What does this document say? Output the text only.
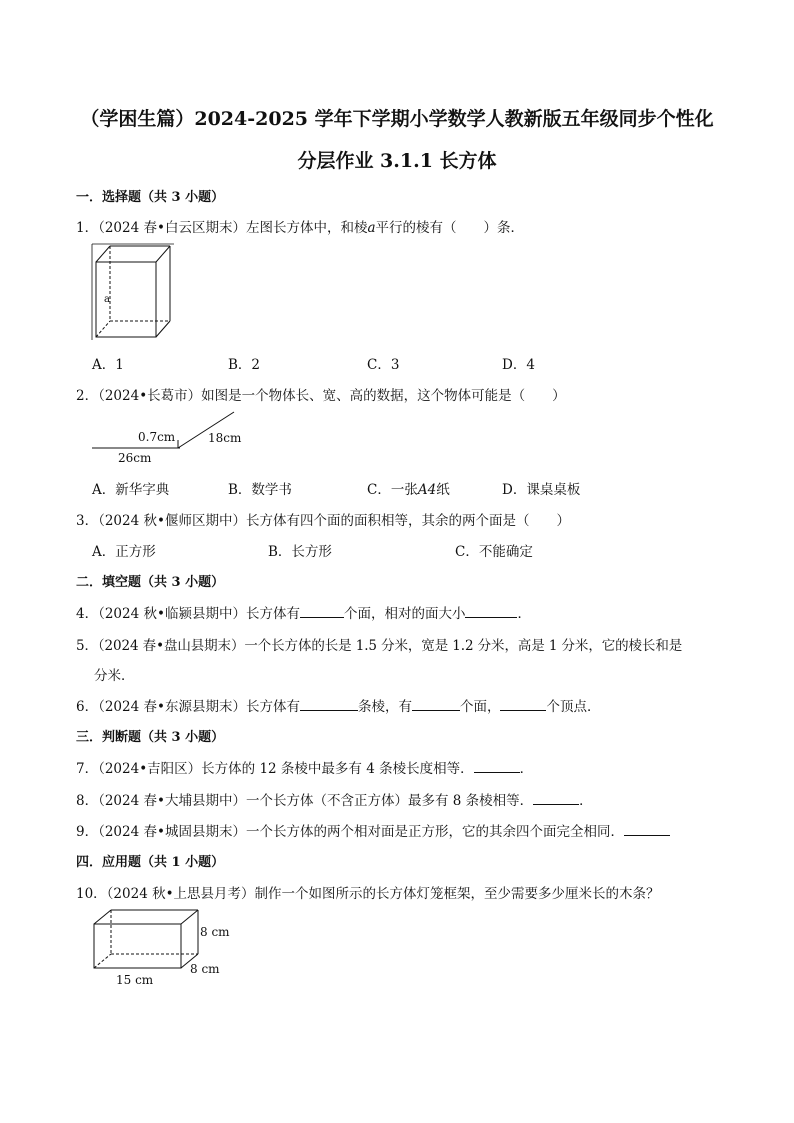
（学困生篇）2024-2025 学年下学期小学数学人教新版五年级同步个性化
分层作业 3.1.1 长方体
一．选择题（共 3 小题）
1．（2024 春•白云区期末）左图长方体中，和棱a平行的棱有（　　）条．
a
A．1	B．2	C．3	D．4
2．（2024•长葛市）如图是一个物体长、宽、高的数据，这个物体可能是（　　）
0.7cm	18cm
26cm
A．新华字典	B．数学书	C．一张A4纸	D．课桌桌板
3．（2024 秋•偃师区期中）长方体有四个面的面积相等，其余的两个面是（　　）
A．正方形	B．长方形	C．不能确定
二．填空题（共 3 小题）
4．（2024 秋•临颍县期中）长方体有	个面，相对的面大小	．
5．（2024 春•盘山县期末）一个长方体的长是 1.5 分米，宽是 1.2 分米，高是 1 分米，它的棱长和是
分米．
6．（2024 春•东源县期末）长方体有	条棱，有	个面，	个顶点．
三．判断题（共 3 小题）
7．（2024•吉阳区）长方体的 12 条棱中最多有 4 条棱长度相等．	．
8．（2024 春•大埔县期中）一个长方体（不含正方体）最多有 8 条棱相等．	．
9．（2024 春•城固县期末）一个长方体的两个相对面是正方形，它的其余四个面完全相同．
四．应用题（共 1 小题）
10．（2024 秋•上思县月考）制作一个如图所示的长方体灯笼框架，至少需要多少厘米长的木条？
8 cm
8 cm
15 cm
